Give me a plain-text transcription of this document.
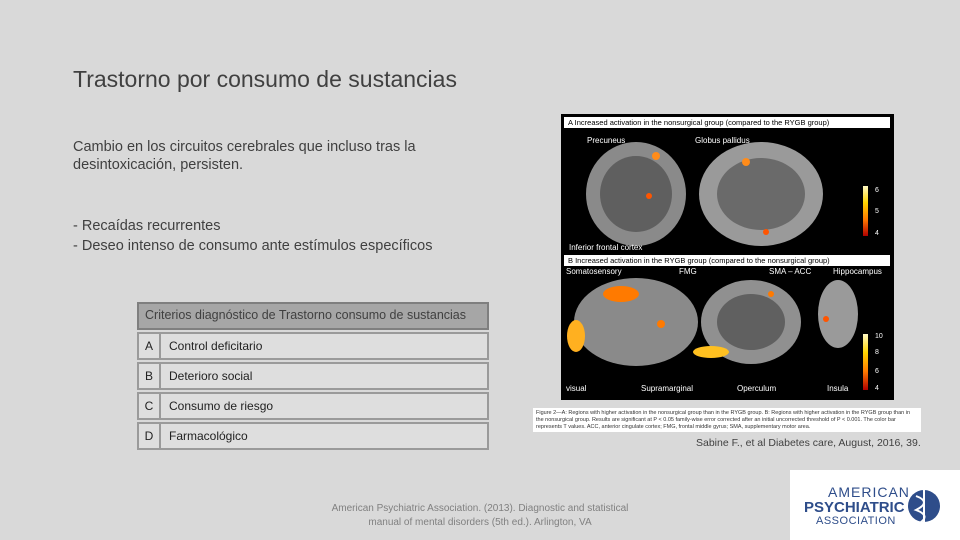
Trastorno por consumo de sustancias
Cambio en los circuitos cerebrales que incluso tras la desintoxicación, persisten.
- Recaídas recurrentes
- Deseo intenso de consumo ante estímulos específicos
Criterios diagnóstico de Trastorno consumo de sustancias
A	Control deficitario
B	Deterioro social
C	Consumo de riesgo
D	Farmacológico
A Increased activation in the nonsurgical group (compared to the RYGB group)
Precuneus	Globus pallidus
Inferior frontal cortex
6
5
4
B Increased activation in the RYGB group (compared to the nonsurgical group)
Somatosensory	FMG	SMA – ACC	Hippocampus
visual	Supramarginal	Operculum	Insula
10
8
6
4
Figure 2—A: Regions with higher activation in the nonsurgical group than in the RYGB group. B: Regions with higher activation in the RYGB group than in the nonsurgical group. Results are significant at P < 0.05 family-wise error corrected after an initial uncorrected threshold of P < 0.001. The color bar represents T values. ACC, anterior cingulate cortex; FMG, frontal middle gyrus; SMA, supplementary motor area.
Sabine F., et al Diabetes care, August, 2016, 39.
American Psychiatric Association. (2013). Diagnostic and statistical manual of mental disorders (5th ed.). Arlington, VA
AMERICAN
PSYCHIATRIC
ASSOCIATION
